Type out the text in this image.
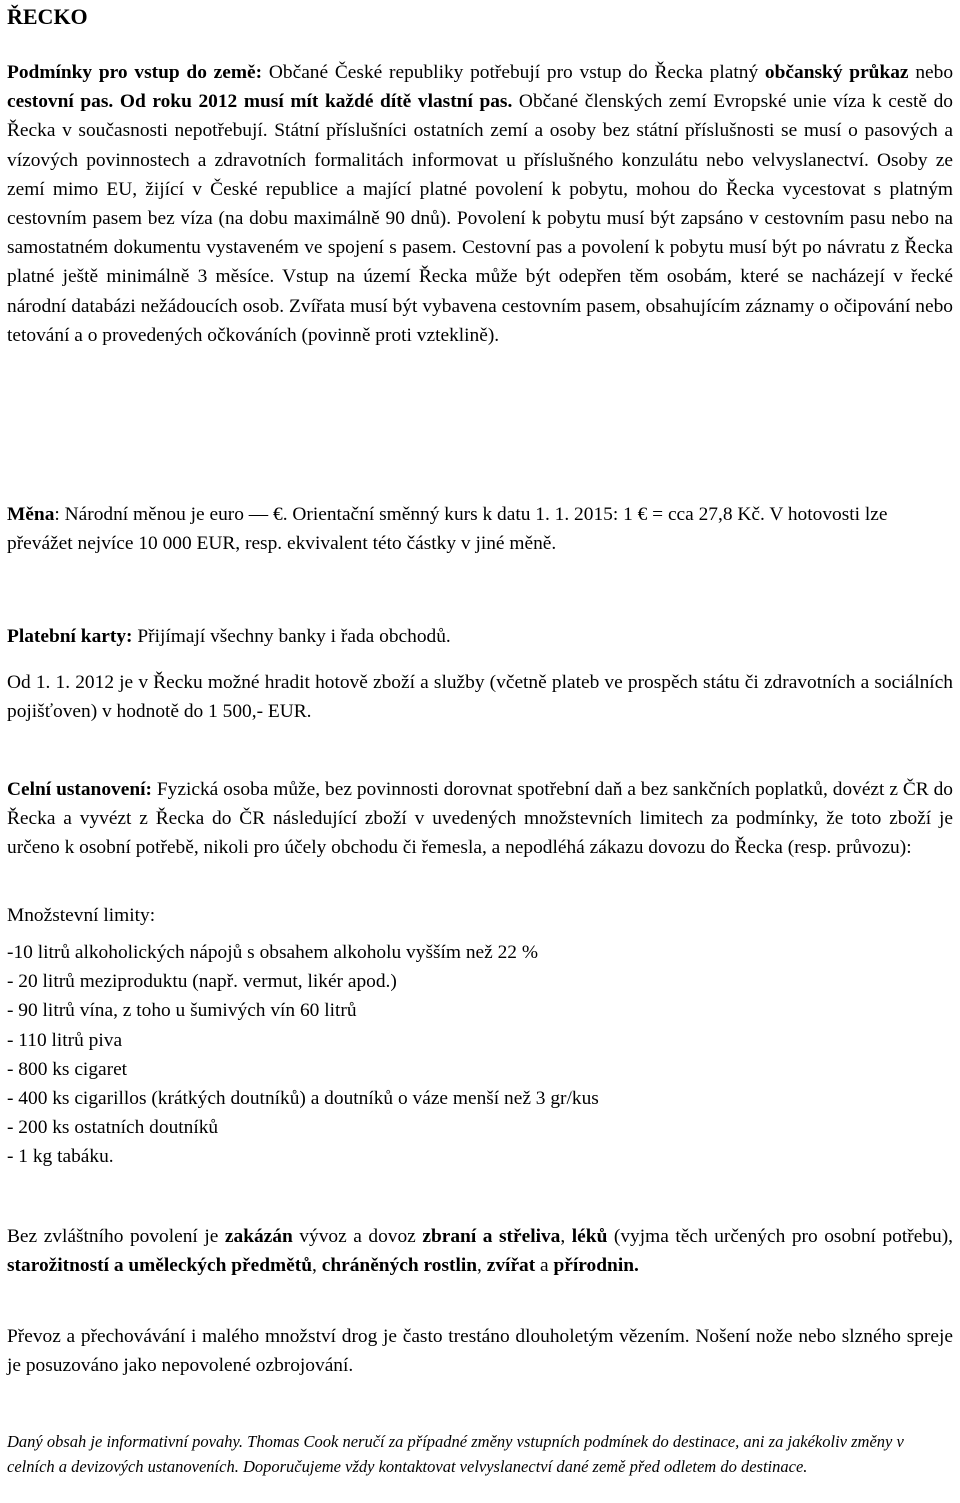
ŘECKO

Podmínky pro vstup do země: Občané České republiky potřebují pro vstup do Řecka platný občanský průkaz nebo cestovní pas. Od roku 2012 musí mít každé dítě vlastní pas. Občané členských zemí Evropské unie víza k cestě do Řecka v současnosti nepotřebují. Státní příslušníci ostatních zemí a osoby bez státní příslušnosti se musí o pasových a vízových povinnostech a zdravotních formalitách informovat u příslušného konzulátu nebo velvyslanectví. Osoby ze zemí mimo EU, žijící v České republice a mající platné povolení k pobytu, mohou do Řecka vycestovat s platným cestovním pasem bez víza (na dobu maximálně 90 dnů). Povolení k pobytu musí být zapsáno v cestovním pasu nebo na samostatném dokumentu vystaveném ve spojení s pasem. Cestovní pas a povolení k pobytu musí být po návratu z Řecka platné ještě minimálně 3 měsíce. Vstup na území Řecka může být odepřen těm osobám, které se nacházejí v řecké národní databázi nežádoucích osob. Zvířata musí být vybavena cestovním pasem, obsahujícím záznamy o očipování nebo tetování a o provedených očkováních (povinně proti vzteklině).

Měna: Národní měnou je euro — €. Orientační směnný kurs k datu 1. 1. 2015: 1 € = cca 27,8 Kč. V hotovosti lze převážet nejvíce 10 000 EUR, resp. ekvivalent této částky v jiné měně.

Platební karty: Přijímají všechny banky i řada obchodů.

Od 1. 1. 2012 je v Řecku možné hradit hotově zboží a služby (včetně plateb ve prospěch státu či zdravotních a sociálních pojišťoven) v hodnotě do 1 500,- EUR.

Celní ustanovení: Fyzická osoba může, bez povinnosti dorovnat spotřební daň a bez sankčních poplatků, dovézt z ČR do Řecka a vyvézt z Řecka do ČR následující zboží v uvedených množstevních limitech za podmínky, že toto zboží je určeno k osobní potřebě, nikoli pro účely obchodu či řemesla, a nepodléhá zákazu dovozu do Řecka (resp. průvozu):

Množstevní limity:

-10 litrů alkoholických nápojů s obsahem alkoholu vyšším než 22 %
- 20 litrů meziproduktu (např. vermut, likér apod.)
- 90 litrů vína, z toho u šumivých vín 60 litrů
- 110 litrů piva
- 800 ks cigaret
- 400 ks cigarillos (krátkých doutníků) a doutníků o váze menší než 3 gr/kus
- 200 ks ostatních doutníků
- 1 kg tabáku.

Bez zvláštního povolení je zakázán vývoz a dovoz zbraní a střeliva, léků (vyjma těch určených pro osobní potřebu), starožitností a uměleckých předmětů, chráněných rostlin, zvířat a přírodnin.

Převoz a přechovávání i malého množství drog je často trestáno dlouholetým vězením. Nošení nože nebo slzného spreje je posuzováno jako nepovolené ozbrojování.

Daný obsah je informativní povahy. Thomas Cook neručí za případné změny vstupních podmínek do destinace, ani za jakékoliv změny v celních a devizových ustanoveních. Doporučujeme vždy kontaktovat velvyslanectví dané země před odletem do destinace.
